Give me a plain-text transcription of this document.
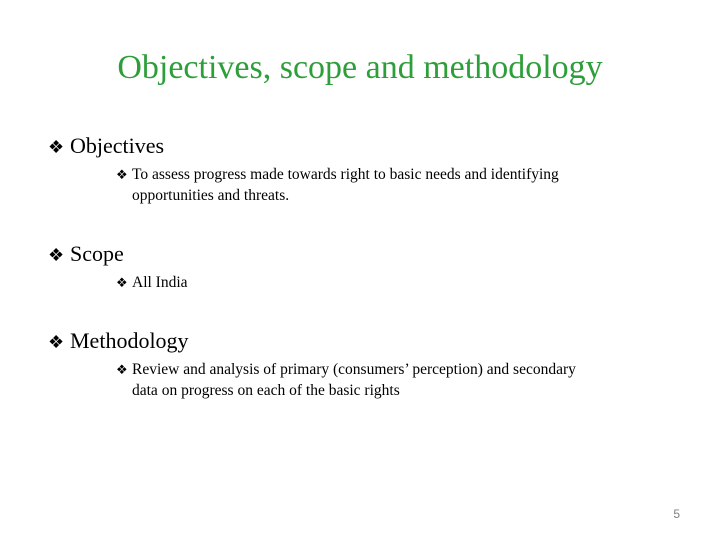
Objectives, scope and methodology
❖ Objectives
❖ To assess progress made towards right to basic needs and identifying
opportunities and threats.
❖ Scope
❖ All India
❖ Methodology
❖ Review and analysis of primary (consumers’ perception) and secondary
data on progress on each of the basic rights
5
